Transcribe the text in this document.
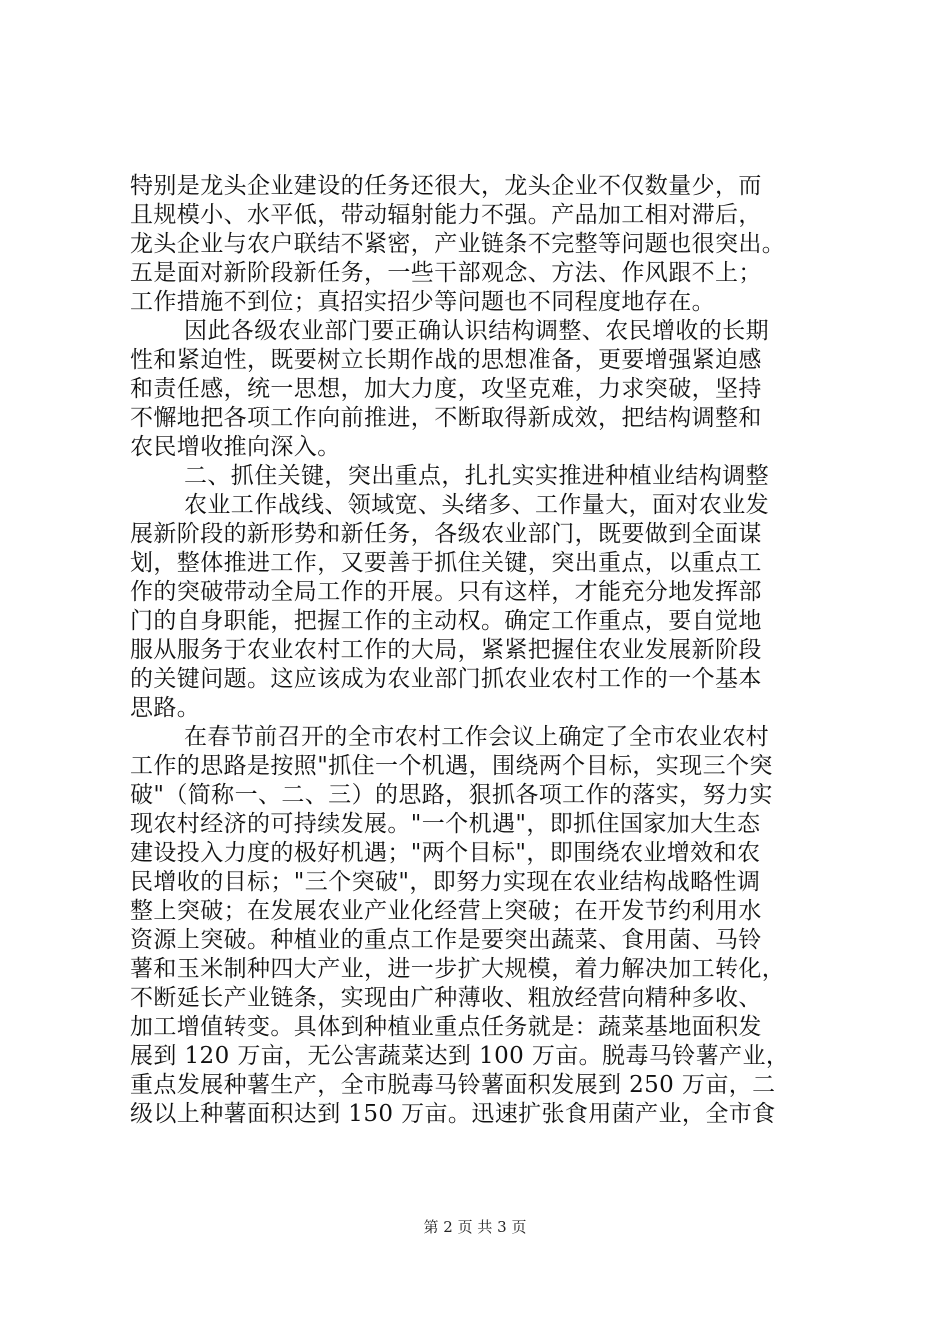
特别是龙头企业建设的任务还很大，龙头企业不仅数量少，而
且规模小、水平低，带动辐射能力不强。产品加工相对滞后，
龙头企业与农户联结不紧密，产业链条不完整等问题也很突出。
五是面对新阶段新任务，一些干部观念、方法、作风跟不上；
工作措施不到位；真招实招少等问题也不同程度地存在。
因此各级农业部门要正确认识结构调整、农民增收的长期
性和紧迫性，既要树立长期作战的思想准备，更要增强紧迫感
和责任感，统一思想，加大力度，攻坚克难，力求突破，坚持
不懈地把各项工作向前推进，不断取得新成效，把结构调整和
农民增收推向深入。
二、抓住关键，突出重点，扎扎实实推进种植业结构调整
农业工作战线、领域宽、头绪多、工作量大，面对农业发
展新阶段的新形势和新任务，各级农业部门，既要做到全面谋
划，整体推进工作，又要善于抓住关键，突出重点，以重点工
作的突破带动全局工作的开展。只有这样，才能充分地发挥部
门的自身职能，把握工作的主动权。确定工作重点，要自觉地
服从服务于农业农村工作的大局，紧紧把握住农业发展新阶段
的关键问题。这应该成为农业部门抓农业农村工作的一个基本
思路。
在春节前召开的全市农村工作会议上确定了全市农业农村
工作的思路是按照"抓住一个机遇，围绕两个目标，实现三个突
破"（简称一、二、三）的思路，狠抓各项工作的落实，努力实
现农村经济的可持续发展。"一个机遇"，即抓住国家加大生态
建设投入力度的极好机遇；"两个目标"，即围绕农业增效和农
民增收的目标；"三个突破"，即努力实现在农业结构战略性调
整上突破；在发展农业产业化经营上突破；在开发节约利用水
资源上突破。种植业的重点工作是要突出蔬菜、食用菌、马铃
薯和玉米制种四大产业，进一步扩大规模，着力解决加工转化，
不断延长产业链条，实现由广种薄收、粗放经营向精种多收、
加工增值转变。具体到种植业重点任务就是：蔬菜基地面积发
展到 120 万亩，无公害蔬菜达到 100 万亩。脱毒马铃薯产业，
重点发展种薯生产，全市脱毒马铃薯面积发展到 250 万亩，二
级以上种薯面积达到 150 万亩。迅速扩张食用菌产业，全市食
第 2 页 共 3 页
